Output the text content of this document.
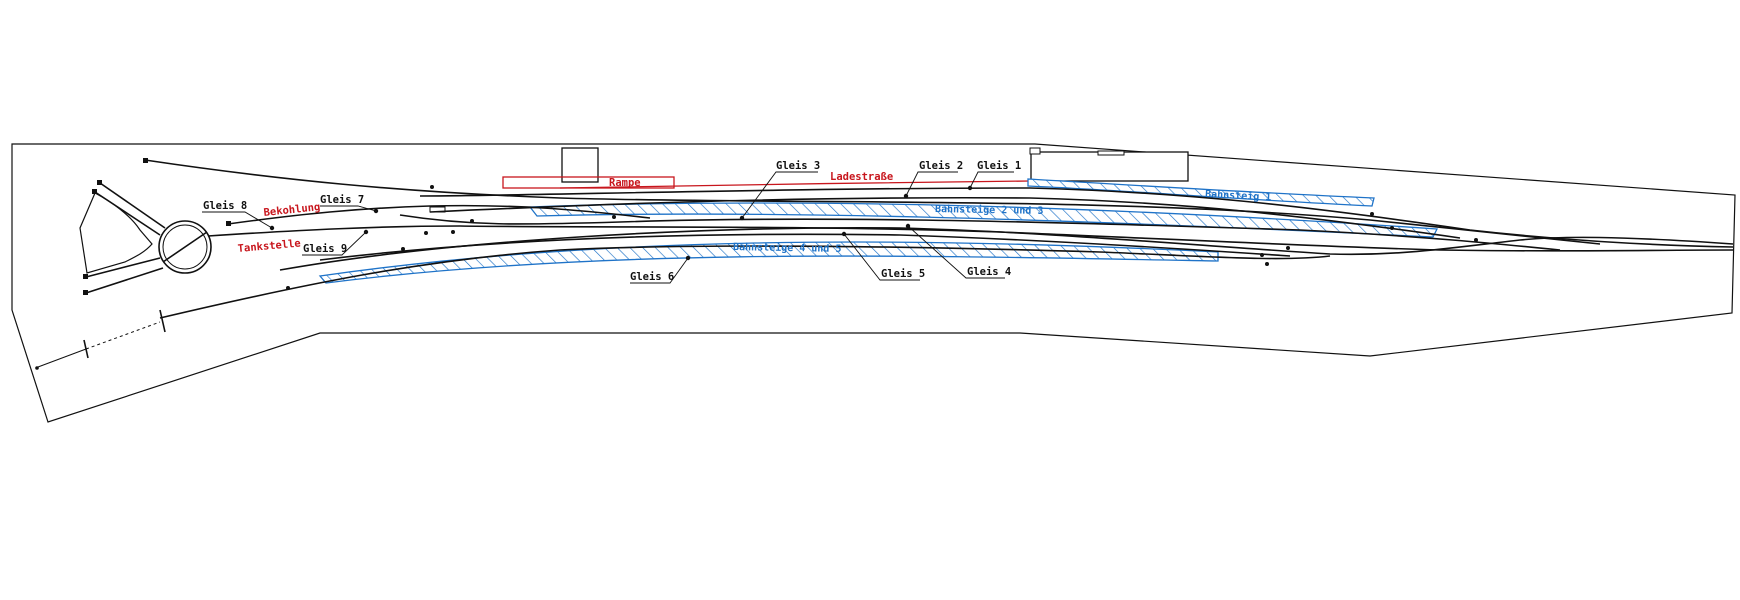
Gleis 1
Gleis 2
Gleis 3
Gleis 4
Gleis 5
Gleis 6
Gleis 7
Gleis 8
Gleis 9
Rampe	Ladestraße
Bekohlung
Tankstelle
Bahnsteig 1
Bahnsteige 2 und 3
Bahnsteige 4 und 5
